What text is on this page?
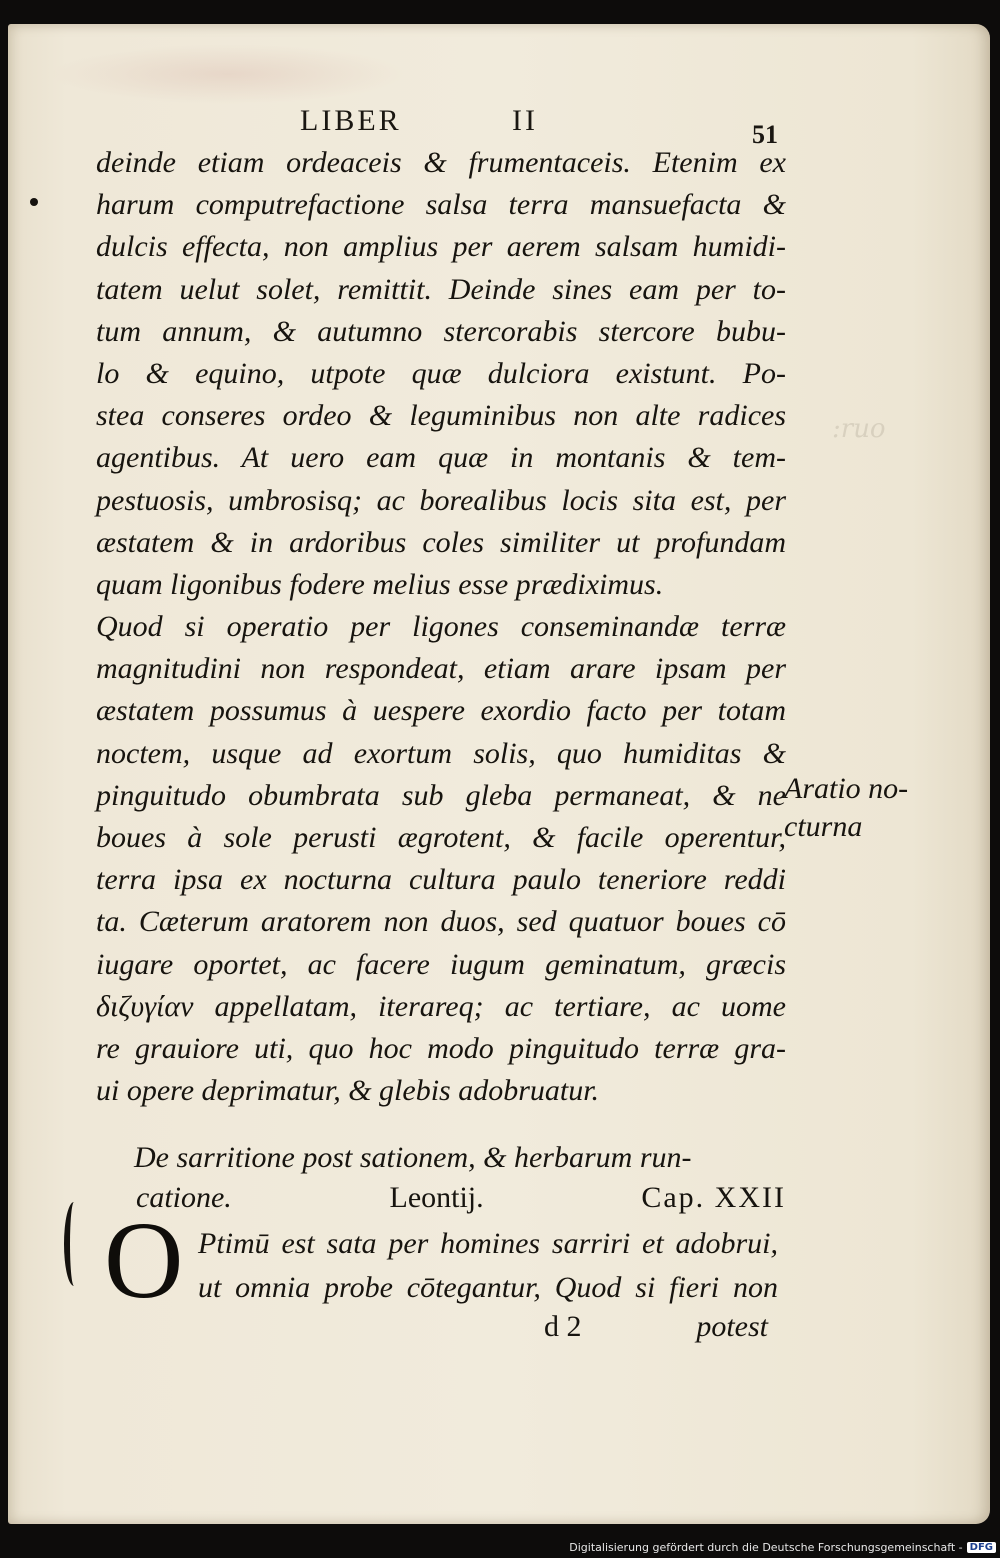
:ruo
LIBER	II	51
deinde etiam ordeaceis & frumentaceis. Etenim ex
harum computrefactione salsa terra mansuefacta &
dulcis effecta, non amplius per aerem salsam humidi-
tatem uelut solet, remittit. Deinde sines eam per to-
tum annum, & autumno stercorabis stercore bubu-
lo & equino, utpote quæ dulciora existunt. Po-
stea conseres ordeo & leguminibus non alte radices
agentibus. At uero eam quæ in montanis & tem-
pestuosis, umbrosisq; ac borealibus locis sita est, per
æstatem & in ardoribus coles similiter ut profundam
quam ligonibus fodere melius esse prædiximus.
Quod si operatio per ligones conseminandæ terræ
magnitudini non respondeat, etiam arare ipsam per
æstatem possumus à uespere exordio facto per totam
noctem, usque ad exortum solis, quo humiditas &
pinguitudo obumbrata sub gleba permaneat, & ne
boues à sole perusti ægrotent, & facile operentur,
terra ipsa ex nocturna cultura paulo teneriore reddi
ta. Cæterum aratorem non duos, sed quatuor boues cō
iugare oportet, ac facere iugum geminatum, græcis
διζυγίαν appellatam, iterareq; ac tertiare, ac uome
re grauiore uti, quo hoc modo pinguitudo terræ gra-
ui opere deprimatur, & glebis adobruatur.
Aratio no-
cturna
De sarritione post sationem, & herbarum run-
catione.	Leontij.	Cap. XXII
O Ptimū est sata per homines sarriri et adobrui,
ut omnia probe cōtegantur, Quod si fieri non
d 2	potest
Digitalisierung gefördert durch die Deutsche Forschungsgemeinschaft - DFG
